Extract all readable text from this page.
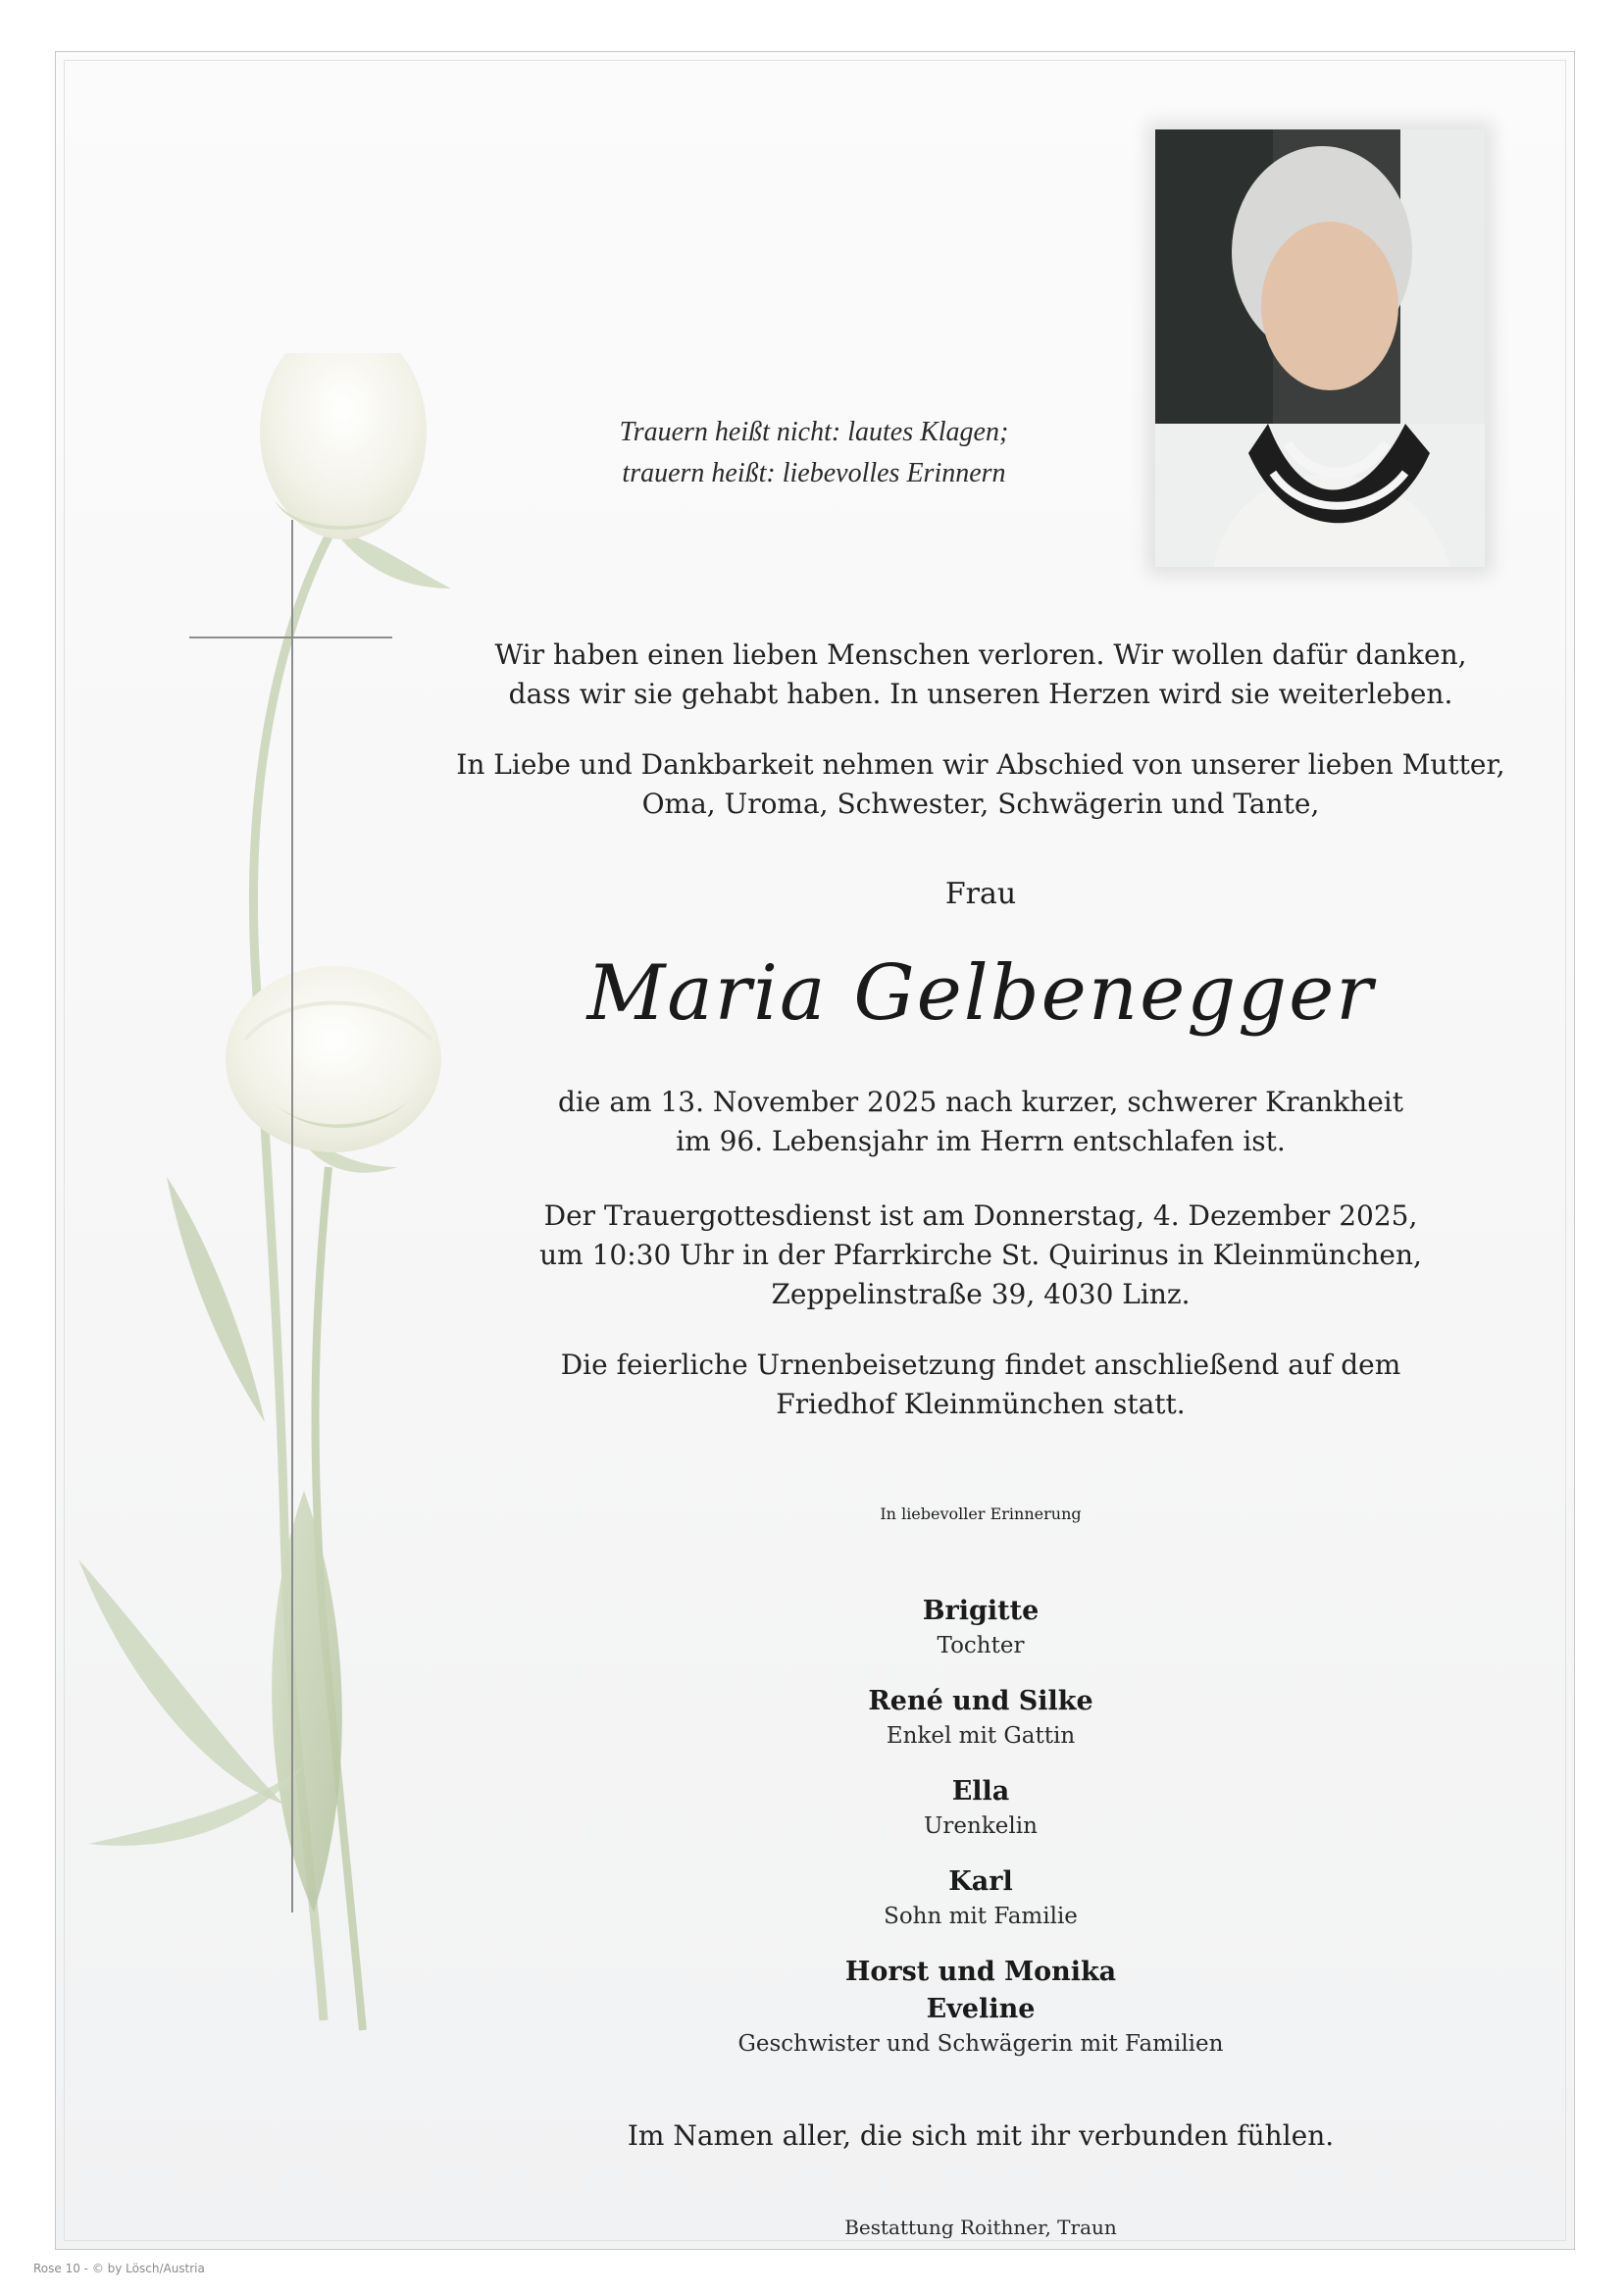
Trauern heißt nicht: lautes Klagen;
trauern heißt: liebevolles Erinnern
Wir haben einen lieben Menschen verloren. Wir wollen dafür danken,
dass wir sie gehabt haben. In unseren Herzen wird sie weiterleben.
In Liebe und Dankbarkeit nehmen wir Abschied von unserer lieben Mutter,
Oma, Uroma, Schwester, Schwägerin und Tante,
Frau
Maria Gelbenegger
die am 13. November 2025 nach kurzer, schwerer Krankheit
im 96. Lebensjahr im Herrn entschlafen ist.
Der Trauergottesdienst ist am Donnerstag, 4. Dezember 2025,
um 10:30 Uhr in der Pfarrkirche St. Quirinus in Kleinmünchen,
Zeppelinstraße 39, 4030 Linz.
Die feierliche Urnenbeisetzung findet anschließend auf dem
Friedhof Kleinmünchen statt.
In liebevoller Erinnerung
Brigitte
Tochter
René und Silke
Enkel mit Gattin
Ella
Urenkelin
Karl
Sohn mit Familie
Horst und Monika
Eveline
Geschwister und Schwägerin mit Familien
Im Namen aller, die sich mit ihr verbunden fühlen.
Bestattung Roithner, Traun
Rose 10 - © by Lösch/Austria
